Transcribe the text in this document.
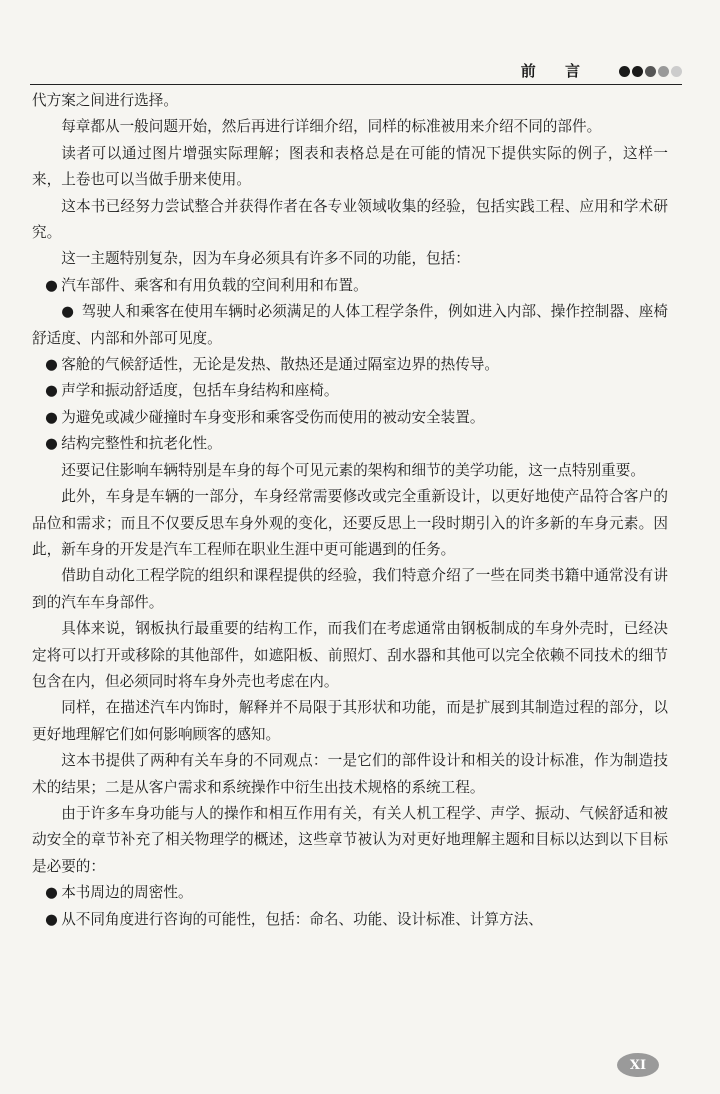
前 言

代方案之间进行选择。

每章都从一般问题开始，然后再进行详细介绍，同样的标准被用来介绍不同的部件。

读者可以通过图片增强实际理解；图表和表格总是在可能的情况下提供实际的例子，这样一来，上卷也可以当做手册来使用。

这本书已经努力尝试整合并获得作者在各专业领域收集的经验，包括实践工程、应用和学术研究。

这一主题特别复杂，因为车身必须具有许多不同的功能，包括：

● 汽车部件、乘客和有用负载的空间利用和布置。

● 驾驶人和乘客在使用车辆时必须满足的人体工程学条件，例如进入内部、操作控制器、座椅舒适度、内部和外部可见度。

● 客舱的气候舒适性，无论是发热、散热还是通过隔室边界的热传导。

● 声学和振动舒适度，包括车身结构和座椅。

● 为避免或减少碰撞时车身变形和乘客受伤而使用的被动安全装置。

● 结构完整性和抗老化性。

还要记住影响车辆特别是车身的每个可见元素的架构和细节的美学功能，这一点特别重要。

此外，车身是车辆的一部分，车身经常需要修改或完全重新设计，以更好地使产品符合客户的品位和需求；而且不仅要反思车身外观的变化，还要反思上一段时期引入的许多新的车身元素。因此，新车身的开发是汽车工程师在职业生涯中更可能遇到的任务。

借助自动化工程学院的组织和课程提供的经验，我们特意介绍了一些在同类书籍中通常没有讲到的汽车车身部件。

具体来说，钢板执行最重要的结构工作，而我们在考虑通常由钢板制成的车身外壳时，已经决定将可以打开或移除的其他部件，如遮阳板、前照灯、刮水器和其他可以完全依赖不同技术的细节包含在内，但必须同时将车身外壳也考虑在内。

同样，在描述汽车内饰时，解释并不局限于其形状和功能，而是扩展到其制造过程的部分，以更好地理解它们如何影响顾客的感知。

这本书提供了两种有关车身的不同观点：一是它们的部件设计和相关的设计标准，作为制造技术的结果；二是从客户需求和系统操作中衍生出技术规格的系统工程。

由于许多车身功能与人的操作和相互作用有关，有关人机工程学、声学、振动、气候舒适和被动安全的章节补充了相关物理学的概述，这些章节被认为对更好地理解主题和目标以达到以下目标是必要的：

● 本书周边的周密性。

● 从不同角度进行咨询的可能性，包括：命名、功能、设计标准、计算方法、

XI
